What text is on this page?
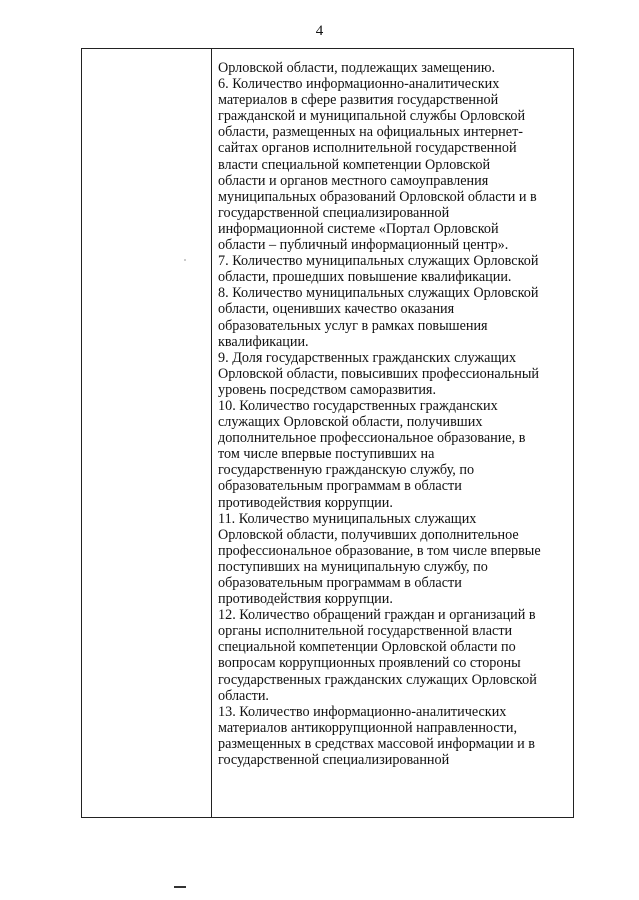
4

Орловской области, подлежащих замещению.

6. Количество информационно-аналитических

материалов в сфере развития государственной

гражданской и муниципальной службы Орловской

области, размещенных на официальных интернет-

сайтах органов исполнительной государственной

власти специальной компетенции Орловской

области и органов местного самоуправления

муниципальных образований Орловской области и в

государственной специализированной

информационной системе «Портал Орловской

области – публичный информационный центр».

7. Количество муниципальных служащих Орловской

области, прошедших повышение квалификации.

8. Количество муниципальных служащих Орловской

области, оценивших качество оказания

образовательных услуг в рамках повышения

квалификации.

9. Доля государственных гражданских служащих

Орловской области, повысивших профессиональный

уровень посредством саморазвития.

10. Количество государственных гражданских

служащих Орловской области, получивших

дополнительное профессиональное образование, в

том числе впервые поступивших на

государственную гражданскую службу, по

образовательным программам в области

противодействия коррупции.

11. Количество муниципальных служащих

Орловской области, получивших дополнительное

профессиональное образование, в том числе впервые

поступивших на муниципальную службу, по

образовательным программам в области

противодействия коррупции.

12. Количество обращений граждан и организаций в

органы исполнительной государственной власти

специальной компетенции Орловской области по

вопросам коррупционных проявлений со стороны

государственных гражданских служащих Орловской

области.

13. Количество информационно-аналитических

материалов антикоррупционной направленности,

размещенных в средствах массовой информации и в

государственной специализированной
